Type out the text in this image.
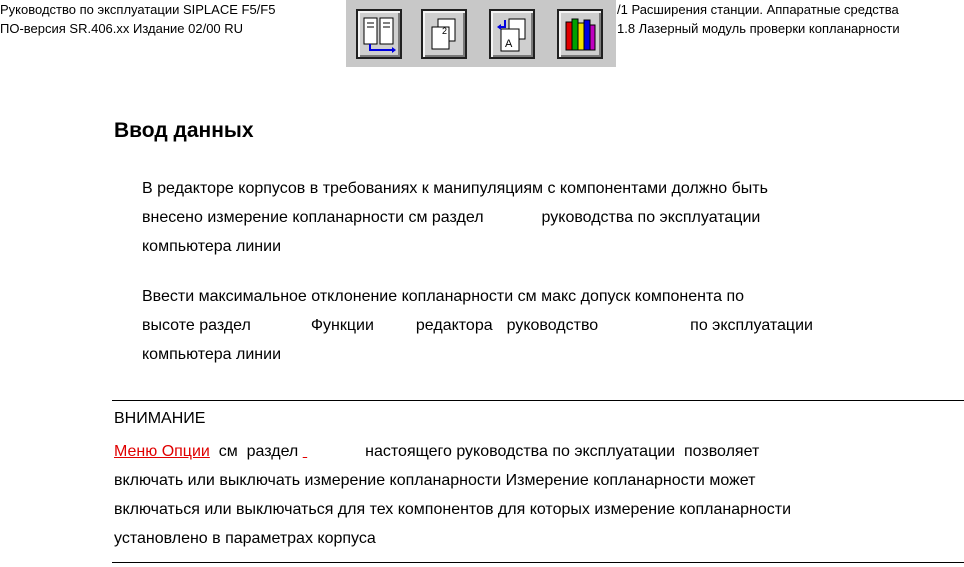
Руководство по эксплуатации SIPLACE F5/F5
ПО-версия SR.406.xx Издание 02/00 RU	2
A
/1 Расширения станции. Аппаратные средства
1.8 Лазерный модуль проверки копланарности
Ввод данных
В редакторе корпусов в требованиях к манипуляциям с компонентами должно быть
внесено измерение копланарности см раздел	руководства по эксплуатации
компьютера линии
Ввести максимальное отклонение копланарности см макс допуск компонента по
высоте раздел	Функции	редактора руководство	по эксплуатации
компьютера линии
ВНИМАНИЕ
Меню Опции  см  раздел	настоящего руководства по эксплуатации  позволяет
включать или выключать измерение копланарности Измерение копланарности может
включаться или выключаться для тех компонентов для которых измерение копланарности
установлено в параметрах корпуса
